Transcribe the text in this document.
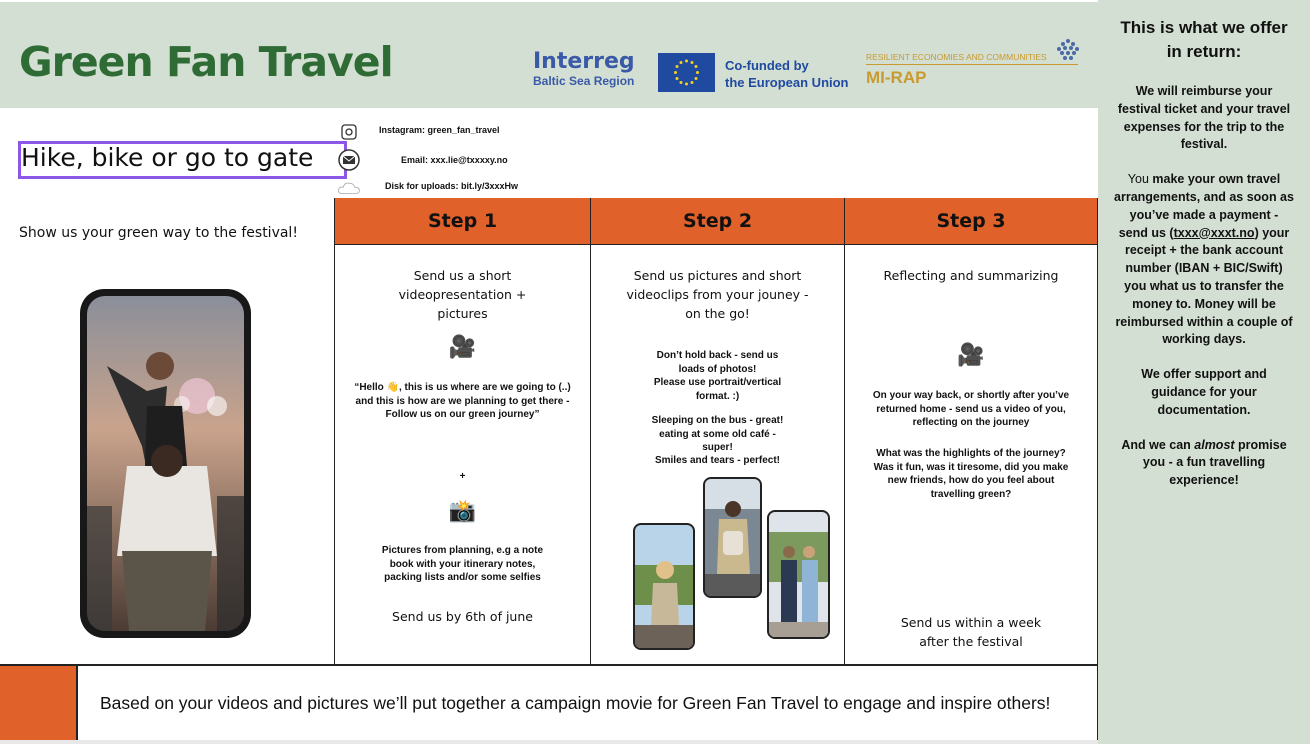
Green Fan Travel	Interreg
Baltic Sea Region
Co-funded by
the European Union
RESILIENT ECONOMIES AND COMMUNITIES
MI-RAP
Hike, bike or go to gate
Show us your green way to the festival!
Instagram: green_fan_travel
Email: xxx.lie@txxxxy.no
Disk for uploads: bit.ly/3xxxHw
Step 1
Send us a short videopresentation + pictures
🎥
“Hello 👋, this is us where are we going to (..) and this is how are we planning to get there - Follow us on our green journey”
+
📸
Pictures from planning, e.g a note book with your itinerary notes, packing lists and/or some selfies
Send us by 6th of june
Step 2
Send us pictures and short videoclips from your jouney - on the go!
Don’t hold back - send us loads of photos!
Please use portrait/vertical format. :)
Sleeping on the bus - great! eating at some old café - super!
Smiles and tears - perfect!
Step 3
Reflecting and summarizing
🎥
On your way back, or shortly after you’ve returned home - send us a video of you, reflecting on the journey
What was the highlights of the journey? Was it fun, was it tiresome, did you make new friends, how do you feel about travelling green?
Send us within a week after the festival
Based on your videos and pictures we’ll put together a campaign movie for Green Fan Travel to engage and inspire others!
This is what we offer in return:
We will reimburse your festival ticket and your travel expenses for the trip to the festival.
You make your own travel arrangements, and as soon as you’ve made a payment - send us (txxx@xxxt.no) your receipt + the bank account number (IBAN + BIC/Swift) you what us to transfer the money to. Money will be reimbursed within a couple of working days.
We offer support and guidance for your documentation.
And we can almost promise you - a fun travelling experience!
